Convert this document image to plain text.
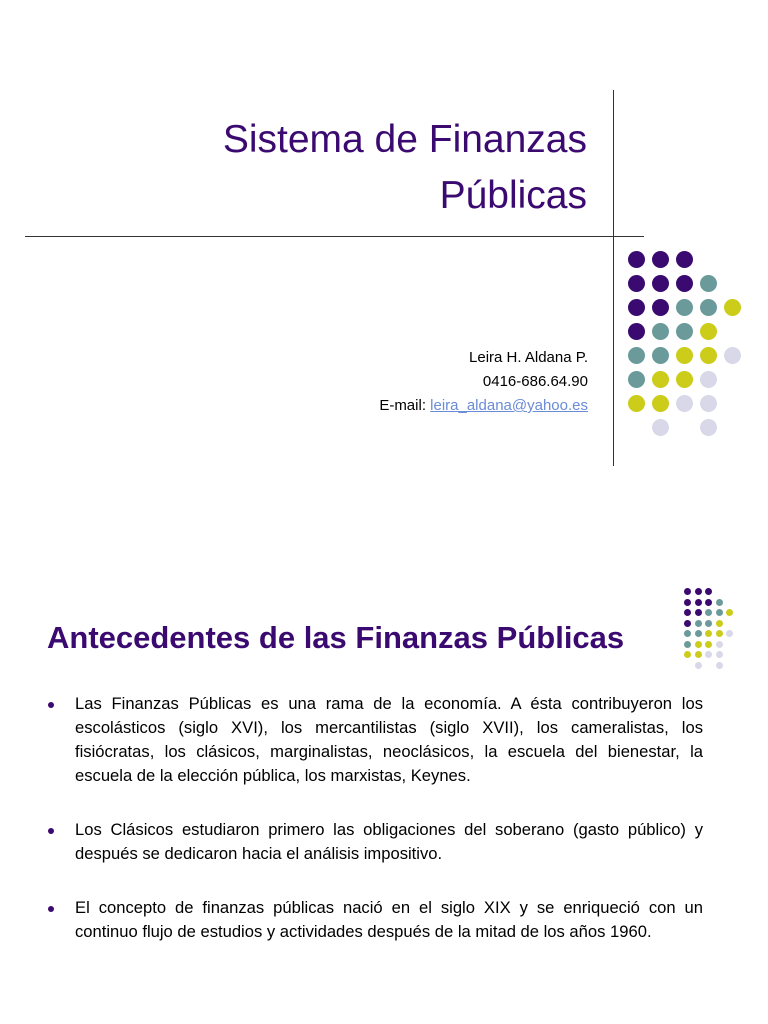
Sistema de Finanzas
Públicas
Leira H. Aldana P.
0416-686.64.90
E-mail: leira_aldana@yahoo.es
Antecedentes de las Finanzas Públicas
Las Finanzas Públicas es una rama de la economía. A ésta contribuyeron los escolásticos (siglo XVI), los mercantilistas (siglo XVII), los cameralistas, los fisiócratas, los clásicos, marginalistas, neoclásicos, la escuela del bienestar, la escuela de la elección pública, los marxistas, Keynes.
Los Clásicos estudiaron primero las obligaciones del soberano (gasto público) y después se dedicaron hacia el análisis impositivo.
El concepto de finanzas públicas nació en el siglo XIX y se enriqueció con un continuo flujo de estudios y actividades después de la mitad de los años 1960.
